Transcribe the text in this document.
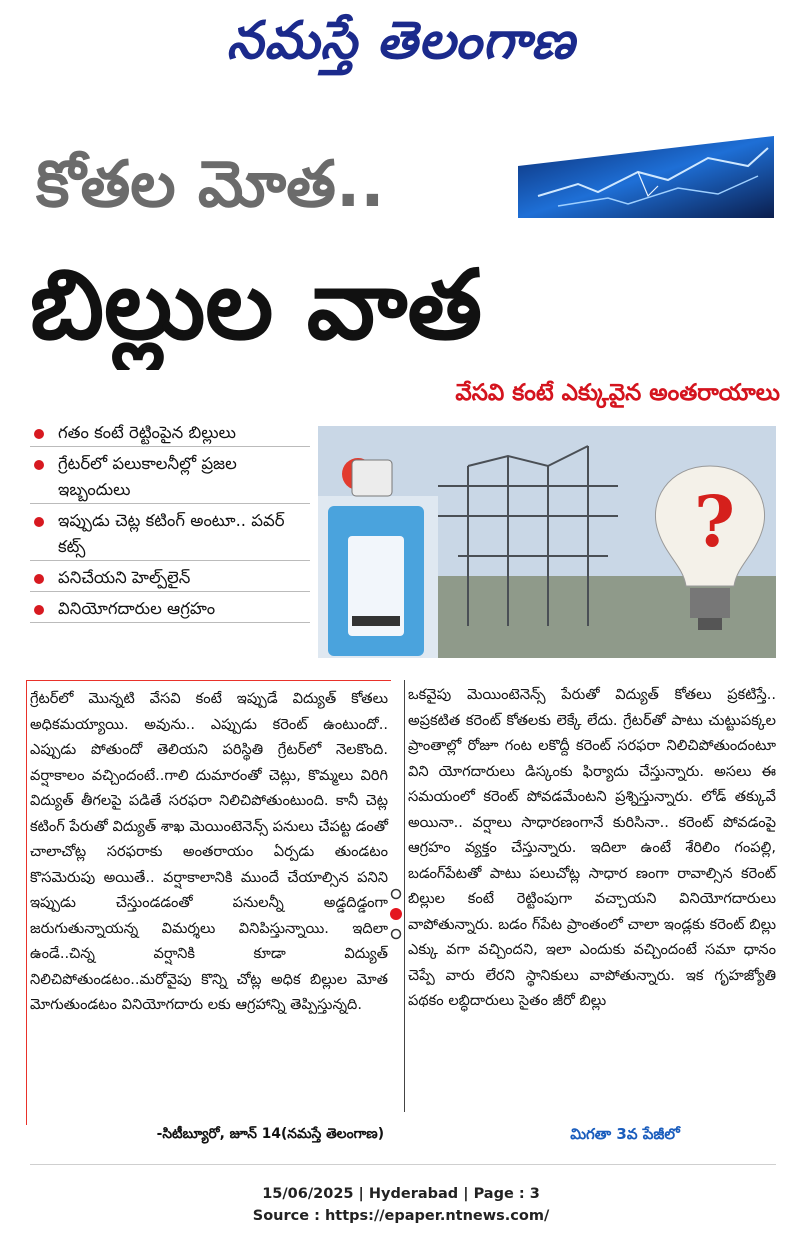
నమస్తే తెలంగాణ
కోతల మోత..
బిల్లుల వాత
వేసవి కంటే ఎక్కువైన అంతరాయాలు
గతం కంటే రెట్టింపైన బిల్లులు
గ్రేటర్‌లో పలుకాలనీల్లో ప్రజల ఇబ్బందులు
ఇప్పుడు చెట్ల కటింగ్ అంటూ.. పవర్ కట్స్
పనిచేయని హెల్ప్‌లైన్
వినియోగదారుల ఆగ్రహం
?
గ్రేటర్‌లో మొన్నటి వేసవి కంటే ఇప్పుడే విద్యుత్ కోతలు అధికమయ్యాయి. అవును.. ఎప్పుడు కరెంట్ ఉంటుందో.. ఎప్పుడు పోతుందో తెలియని పరిస్థితి గ్రేటర్‌లో నెలకొంది. వర్షాకాలం వచ్చిందంటే..గాలి దుమారంతో చెట్లు, కొమ్మలు విరిగి విద్యుత్ తీగలపై పడితే సరఫరా నిలిచిపోతుంటుంది. కానీ చెట్ల కటింగ్ పేరుతో విద్యుత్ శాఖ మెయింటెనెన్స్ పనులు చేపట్ట డంతో చాలాచోట్ల సరఫరాకు అంతరాయం ఏర్పడు తుండటం కొసమెరుపు అయితే.. వర్షాకాలానికి ముందే చేయాల్సిన పనిని ఇప్పుడు చేస్తుండడంతో పనులన్నీ అడ్డదిడ్డంగా జరుగుతున్నాయన్న విమర్శలు వినిపిస్తున్నాయి. ఇదిలా ఉండే..చిన్న వర్షానికి కూడా విద్యుత్ నిలిచిపోతుండటం..మరోవైపు కొన్ని చోట్ల అధిక బిల్లుల మోత మోగుతుండటం వినియోగదారు లకు ఆగ్రహాన్ని తెప్పిస్తున్నది.
ఒకవైపు మెయింటెనెన్స్ పేరుతో విద్యుత్ కోతలు ప్రకటిస్తే.. అప్రకటిత కరెంట్ కోతలకు లెక్కే లేదు. గ్రేటర్‌తో పాటు చుట్టుపక్కల ప్రాంతాల్లో రోజూ గంట లకొద్దీ కరెంట్ సరఫరా నిలిచిపోతుందంటూ విని యోగదారులు డిస్కంకు ఫిర్యాదు చేస్తున్నారు. అసలు ఈ సమయంలో కరెంట్ పోవడమేంటని ప్రశ్నిస్తున్నారు. లోడ్ తక్కువే అయినా.. వర్షాలు సాధారణంగానే కురిసినా.. కరెంట్ పోవడంపై ఆగ్రహం వ్యక్తం చేస్తున్నారు. ఇదిలా ఉంటే శేరిలిం గంపల్లి, బడంగ్‌పేటతో పాటు పలుచోట్ల సాధార ణంగా రావాల్సిన కరెంట్ బిల్లుల కంటే రెట్టింపుగా వచ్చాయని వినియోగదారులు వాపోతున్నారు. బడం గ్‌పేట ప్రాంతంలో చాలా ఇండ్లకు కరెంట్ బిల్లు ఎక్కు వగా వచ్చిందని, ఇలా ఎందుకు వచ్చిందంటే సమా ధానం చెప్పే వారు లేరని స్థానికులు వాపోతున్నారు. ఇక గృహజ్యోతి పథకం లబ్ధిదారులు సైతం జీరో బిల్లు
-సిటీబ్యూరో, జూన్ 14(నమస్తే తెలంగాణ)	మిగతా 3వ పేజీలో
15/06/2025 | Hyderabad | Page : 3
Source : https://epaper.ntnews.com/
